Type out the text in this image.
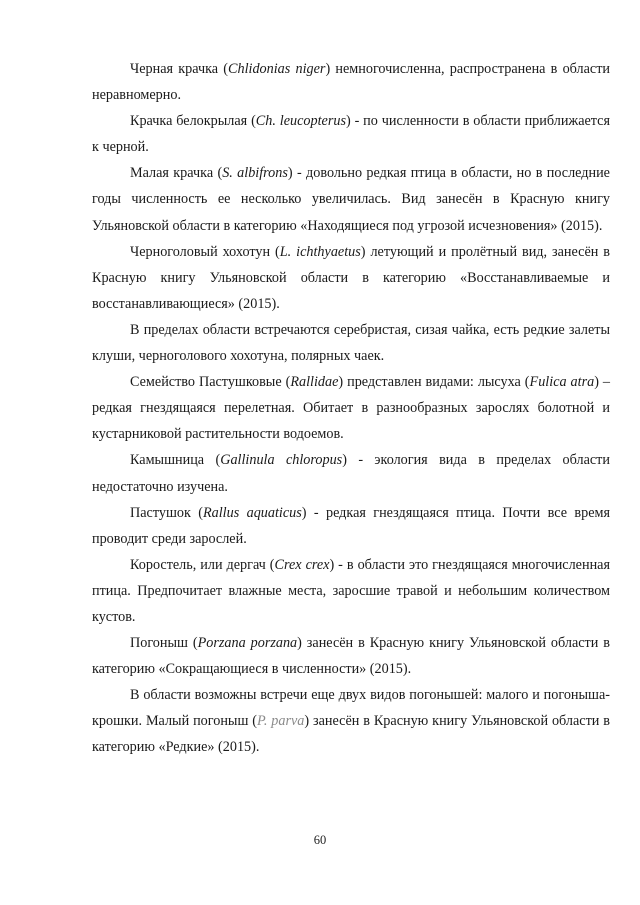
Черная крачка (Chlidonias niger) немногочисленна, распространена в области неравномерно.

Крачка белокрылая (Ch. leucopterus) - по численности в области приближается к черной.

Малая крачка (S. albifrons) - довольно редкая птица в области, но в последние годы численность ее несколько увеличилась. Вид занесён в Красную книгу Ульяновской области в категорию «Находящиеся под угрозой исчезновения» (2015).

Черноголовый хохотун (L. ichthyaetus) летующий и пролётный вид, занесён в Красную книгу Ульяновской области в категорию «Восстанавливаемые и восстанавливающиеся» (2015).

В пределах области встречаются серебристая, сизая чайка, есть редкие залеты клуши, черноголового хохотуна, полярных чаек.

Семейство Пастушковые (Rallidae) представлен видами: лысуха (Fulica atra) – редкая гнездящаяся перелетная. Обитает в разнообразных зарослях болотной и кустарниковой растительности водоемов.

Камышница (Gallinula chloropus) - экология вида в пределах области недостаточно изучена.

Пастушок (Rallus aquaticus) - редкая гнездящаяся птица. Почти все время проводит среди зарослей.

Коростель, или дергач (Crex crex) - в области это гнездящаяся многочисленная птица. Предпочитает влажные места, заросшие травой и небольшим количеством кустов.

Погоныш (Porzana porzana) занесён в Красную книгу Ульяновской области в категорию «Сокращающиеся в численности» (2015).

В области возможны встречи еще двух видов погонышей: малого и погоныша-крошки. Малый погоныш (P. parva) занесён в Красную книгу Ульяновской области в категорию «Редкие» (2015).

60
